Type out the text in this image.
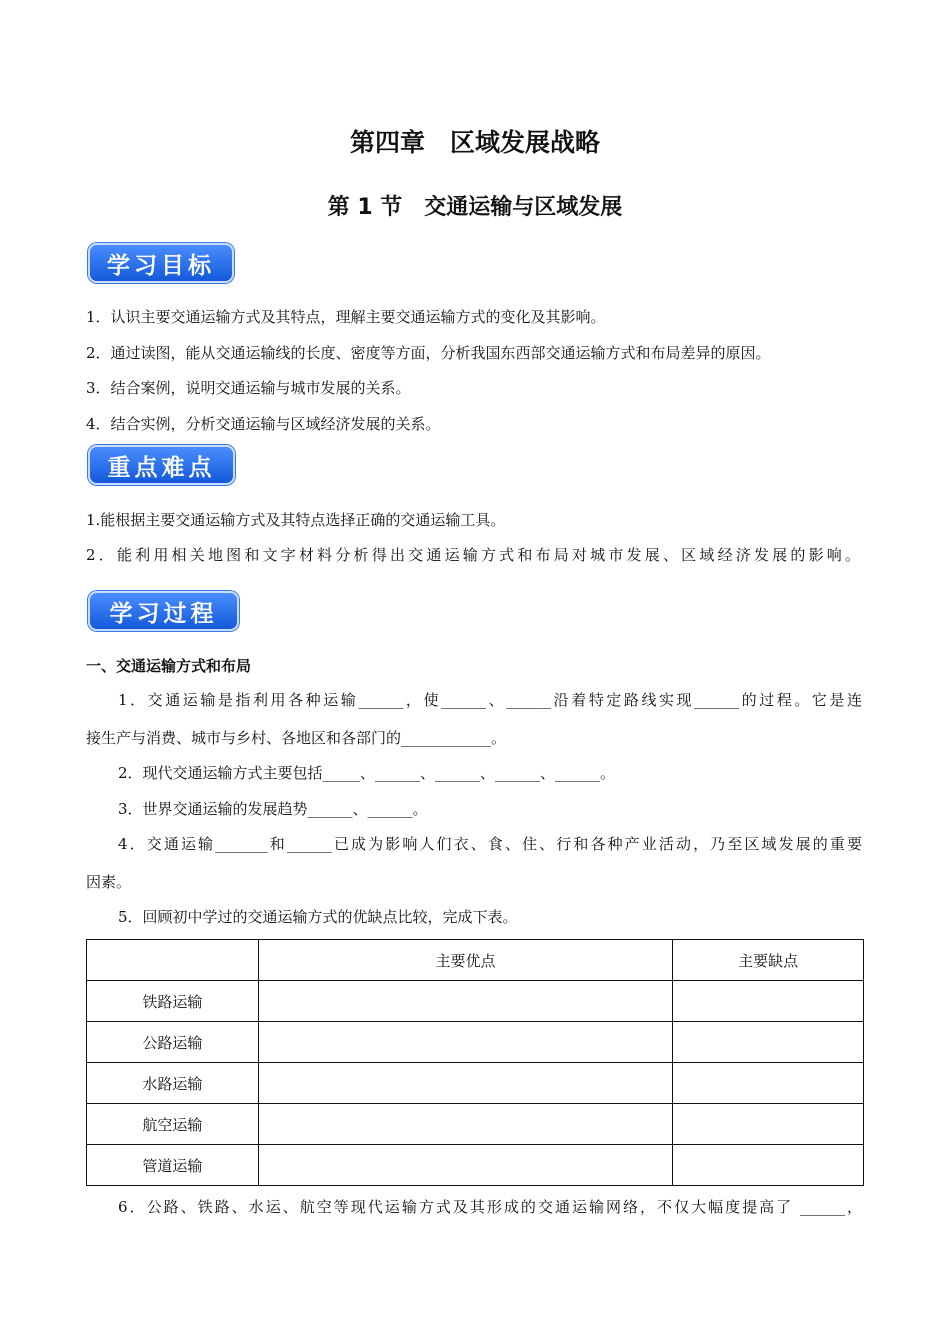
第四章　区域发展战略
第 1 节　交通运输与区域发展
学习目标
1．认识主要交通运输方式及其特点，理解主要交通运输方式的变化及其影响。
2．通过读图，能从交通运输线的长度、密度等方面，分析我国东西部交通运输方式和布局差异的原因。
3．结合案例，说明交通运输与城市发展的关系。
4．结合实例，分析交通运输与区域经济发展的关系。
重点难点
1.能根据主要交通运输方式及其特点选择正确的交通运输工具。
2．能利用相关地图和文字材料分析得出交通运输方式和布局对城市发展、区域经济发展的影响。
学习过程
一、交通运输方式和布局
1．交通运输是指利用各种运输______，使______、______沿着特定路线实现______的过程。它是连
接生产与消费、城市与乡村、各地区和各部门的____________。
2．现代交通运输方式主要包括_____、______、______、______、______。
3．世界交通运输的发展趋势______、______。
4．交通运输_______和______已成为影响人们衣、食、住、行和各种产业活动，乃至区域发展的重要
因素。
5．回顾初中学过的交通运输方式的优缺点比较，完成下表。
	主要优点	主要缺点
铁路运输		
公路运输		
水路运输		
航空运输		
管道运输		
6．公路、铁路、水运、航空等现代运输方式及其形成的交通运输网络，不仅大幅度提高了 ______，
